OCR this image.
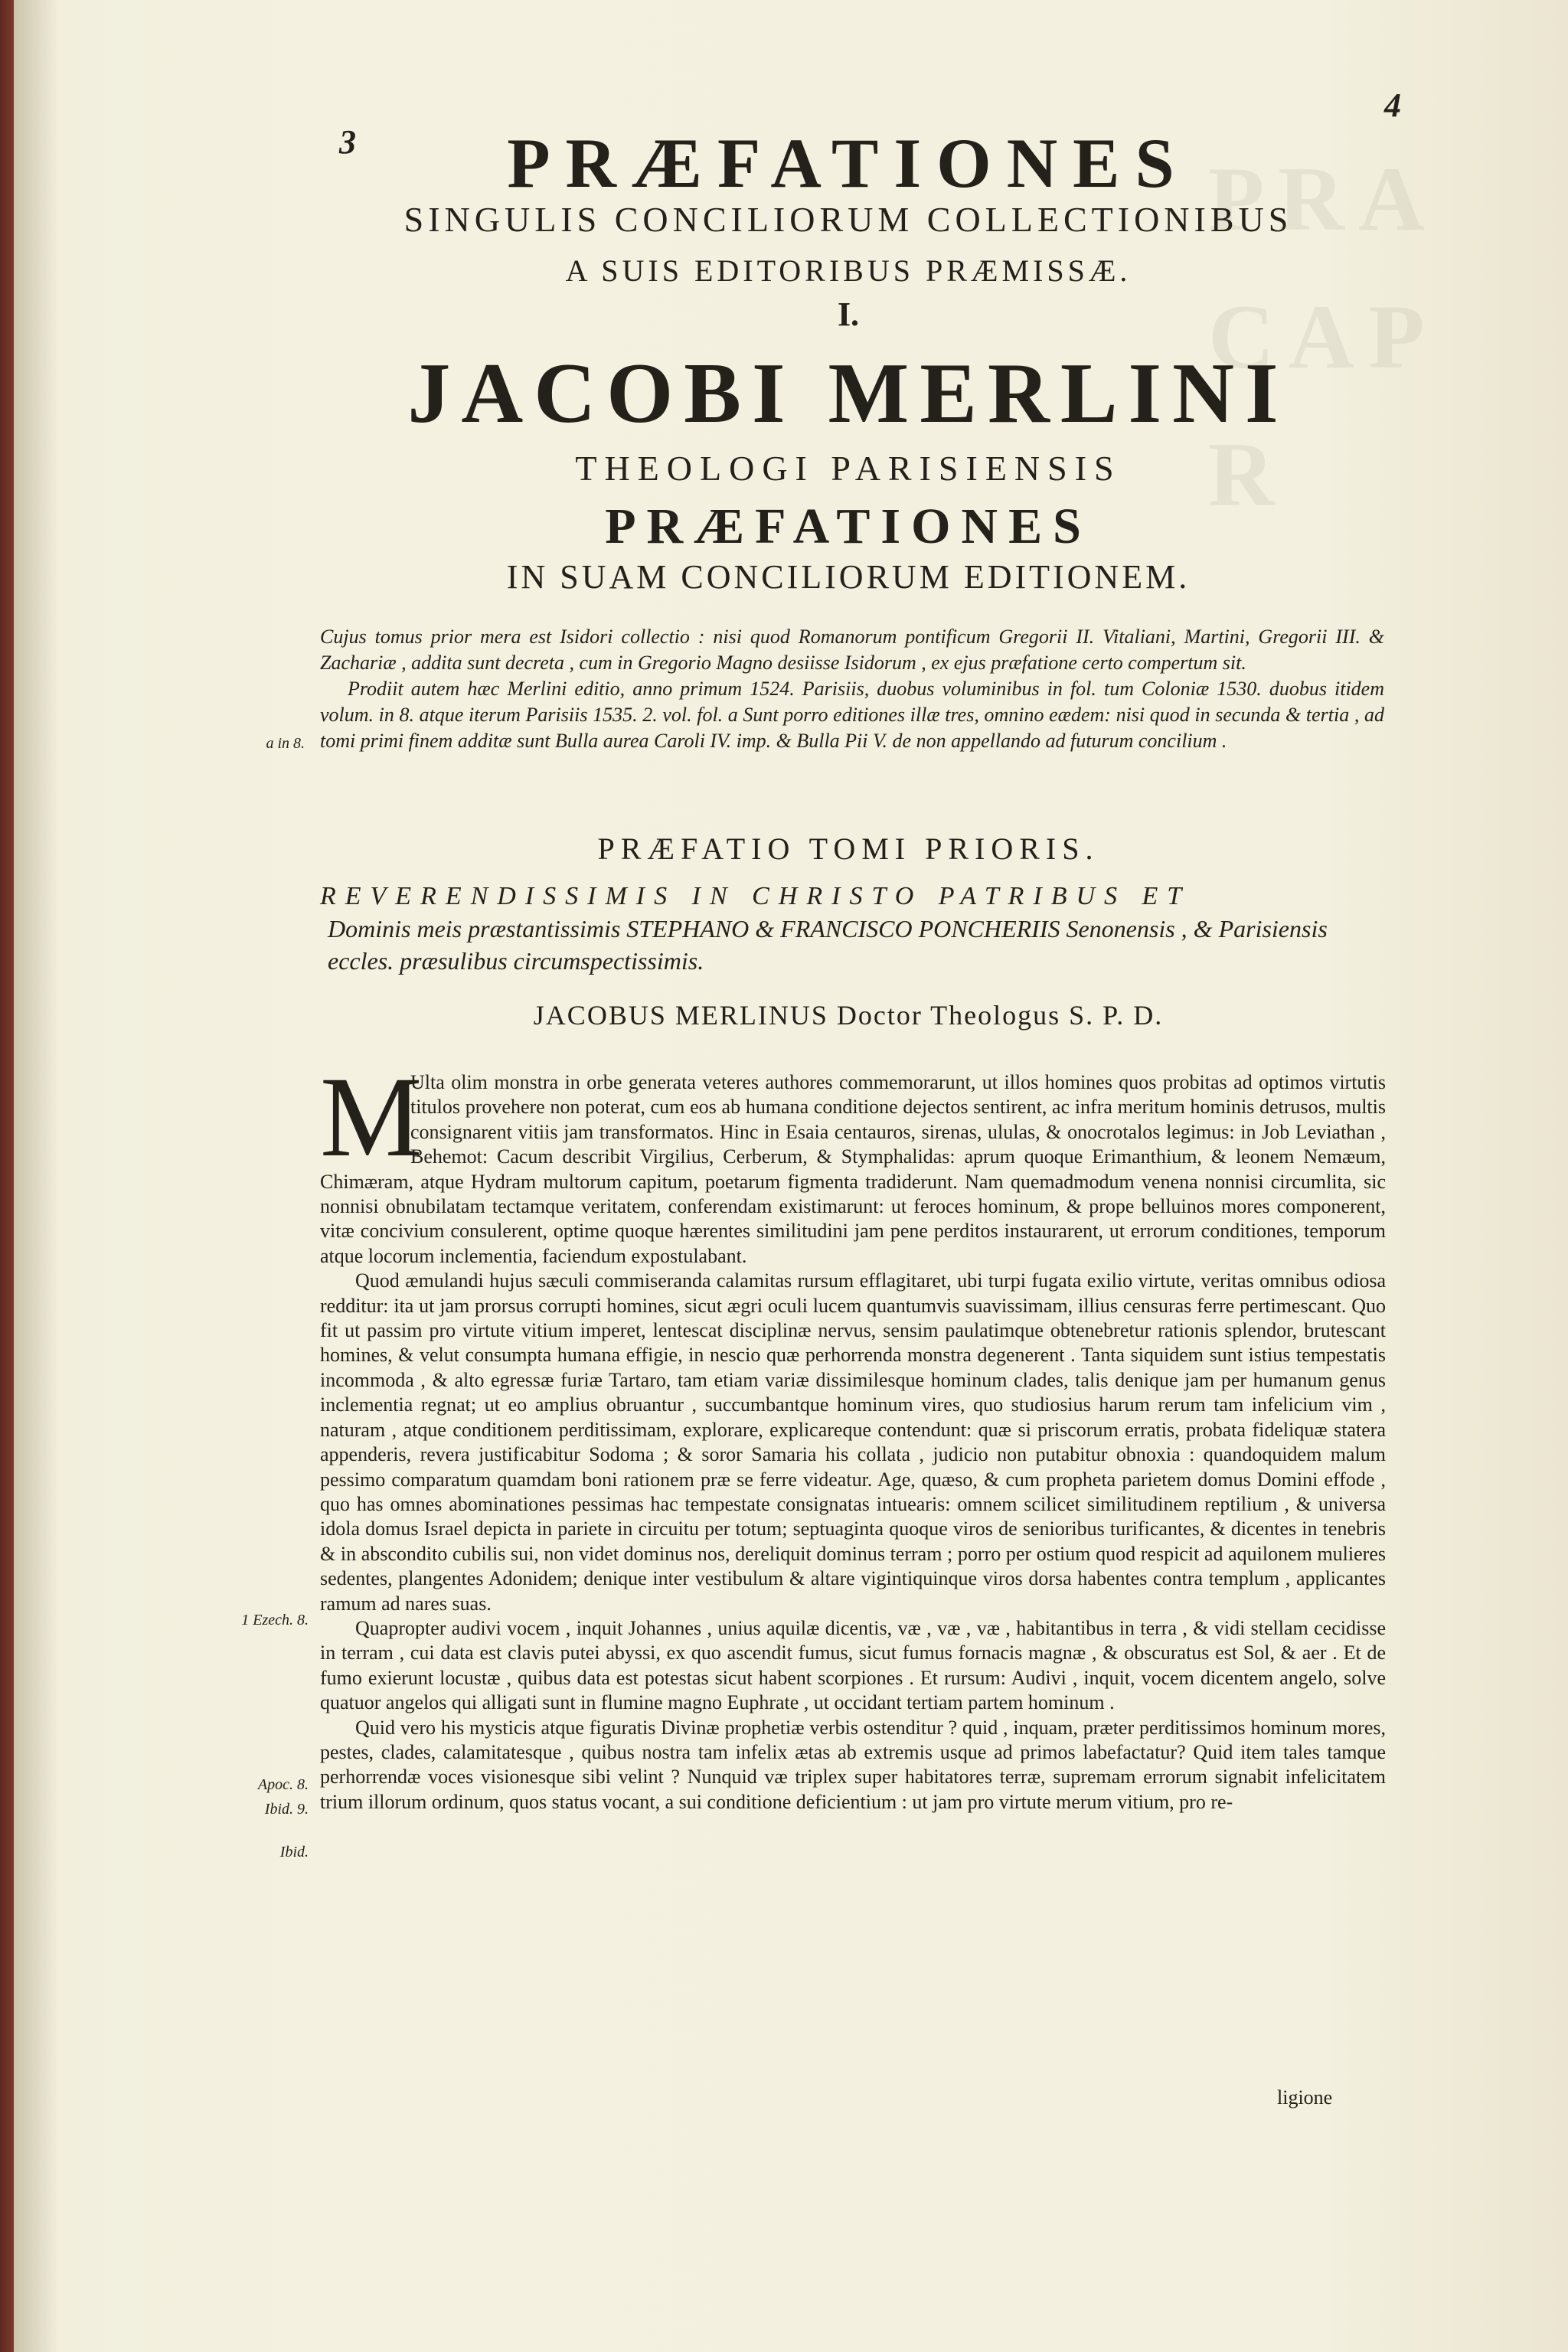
PRA
CAP
R
3
4
PRÆFATIONES
SINGULIS CONCILIORUM COLLECTIONIBUS
A SUIS EDITORIBUS PRÆMISSÆ.
I.
JACOBI MERLINI
THEOLOGI PARISIENSIS
PRÆFATIONES
IN SUAM CONCILIORUM EDITIONEM.

Cujus tomus prior mera est Isidori collectio : nisi quod Romanorum pontificum Gregorii II. Vitaliani, Martini, Gregorii III. & Zachariæ , addita sunt decreta , cum in Gregorio Magno desiisse Isidorum , ex ejus præfatione certo compertum sit.

Prodiit autem hæc Merlini editio, anno primum 1524. Parisiis, duobus voluminibus in fol. tum Coloniæ 1530. duobus itidem volum. in 8. atque iterum Parisiis 1535. 2. vol. fol. a Sunt porro editiones illæ tres, omnino eædem: nisi quod in secunda & tertia , ad tomi primi finem additæ sunt Bulla aurea Caroli IV. imp. & Bulla Pii V. de non appellando ad futurum concilium .

a in 8.
PRÆFATIO TOMI PRIORIS.
REVERENDISSIMIS IN CHRISTO PATRIBUS ET
Dominis meis præstantissimis STEPHANO & FRANCISCO PONCHERIIS Senonensis , & Parisiensis eccles. præsulibus circumspectissimis.
JACOBUS MERLINUS Doctor Theologus S. P. D.
M

Ulta olim monstra in orbe generata veteres authores commemorarunt, ut illos homines quos probitas ad optimos virtutis titulos provehere non poterat, cum eos ab humana conditione dejectos sentirent, ac infra meritum hominis detrusos, multis consignarent vitiis jam transformatos. Hinc in Esaia centauros, sirenas, ululas, & onocrotalos legimus: in Job Leviathan , Behemot: Cacum describit Virgilius, Cerberum, & Stymphalidas: aprum quoque Erimanthium, & leonem Nemæum, Chimæram, atque Hydram multorum capitum, poetarum figmenta tradiderunt. Nam quemadmodum venena nonnisi circumlita, sic nonnisi obnubilatam tectamque veritatem, conferendam existimarunt: ut feroces hominum, & prope belluinos mores componerent, vitæ concivium consulerent, optime quoque hærentes similitudini jam pene perditos instaurarent, ut errorum conditiones, temporum atque locorum inclementia, faciendum expostulabant.

Quod æmulandi hujus sæculi commiseranda calamitas rursum efflagitaret, ubi turpi fugata exilio virtute, veritas omnibus odiosa redditur: ita ut jam prorsus corrupti homines, sicut ægri oculi lucem quantumvis suavissimam, illius censuras ferre pertimescant. Quo fit ut passim pro virtute vitium imperet, lentescat disciplinæ nervus, sensim paulatimque obtenebretur rationis splendor, brutescant homines, & velut consumpta humana effigie, in nescio quæ perhorrenda monstra degenerent . Tanta siquidem sunt istius tempestatis incommoda , & alto egressæ furiæ Tartaro, tam etiam variæ dissimilesque hominum clades, talis denique jam per humanum genus inclementia regnat; ut eo amplius obruantur , succumbantque hominum vires, quo studiosius harum rerum tam infelicium vim , naturam , atque conditionem perditissimam, explorare, explicareque contendunt: quæ si priscorum erratis, probata fideliquæ statera appenderis, revera justificabitur Sodoma ; & soror Samaria his collata , judicio non putabitur obnoxia : quandoquidem malum pessimo comparatum quamdam boni rationem præ se ferre videatur. Age, quæso, & cum propheta parietem domus Domini effode , quo has omnes abominationes pessimas hac tempestate consignatas intuearis: omnem scilicet similitudinem reptilium , & universa idola domus Israel depicta in pariete in circuitu per totum; septuaginta quoque viros de senioribus turificantes, & dicentes in tenebris & in abscondito cubilis sui, non videt dominus nos, dereliquit dominus terram ; porro per ostium quod respicit ad aquilonem mulieres sedentes, plangentes Adonidem; denique inter vestibulum & altare vigintiquinque viros dorsa habentes contra templum , applicantes ramum ad nares suas.

Quapropter audivi vocem , inquit Johannes , unius aquilæ dicentis, væ , væ , væ , habitantibus in terra , & vidi stellam cecidisse in terram , cui data est clavis putei abyssi, ex quo ascendit fumus, sicut fumus fornacis magnæ , & obscuratus est Sol, & aer . Et de fumo exierunt locustæ , quibus data est potestas sicut habent scorpiones . Et rursum: Audivi , inquit, vocem dicentem angelo, solve quatuor angelos qui alligati sunt in flumine magno Euphrate , ut occidant tertiam partem hominum .

Quid vero his mysticis atque figuratis Divinæ prophetiæ verbis ostenditur ? quid , inquam, præter perditissimos hominum mores, pestes, clades, calamitatesque , quibus nostra tam infelix ætas ab extremis usque ad primos labefactatur? Quid item tales tamque perhorrendæ voces visionesque sibi velint ? Nunquid væ triplex super habitatores terræ, supremam errorum signabit infelicitatem trium illorum ordinum, quos status vocant, a sui conditione deficientium : ut jam pro virtute merum vitium, pro re-

1 Ezech. 8.
Apoc. 8.
Ibid. 9.
Ibid.
ligione
